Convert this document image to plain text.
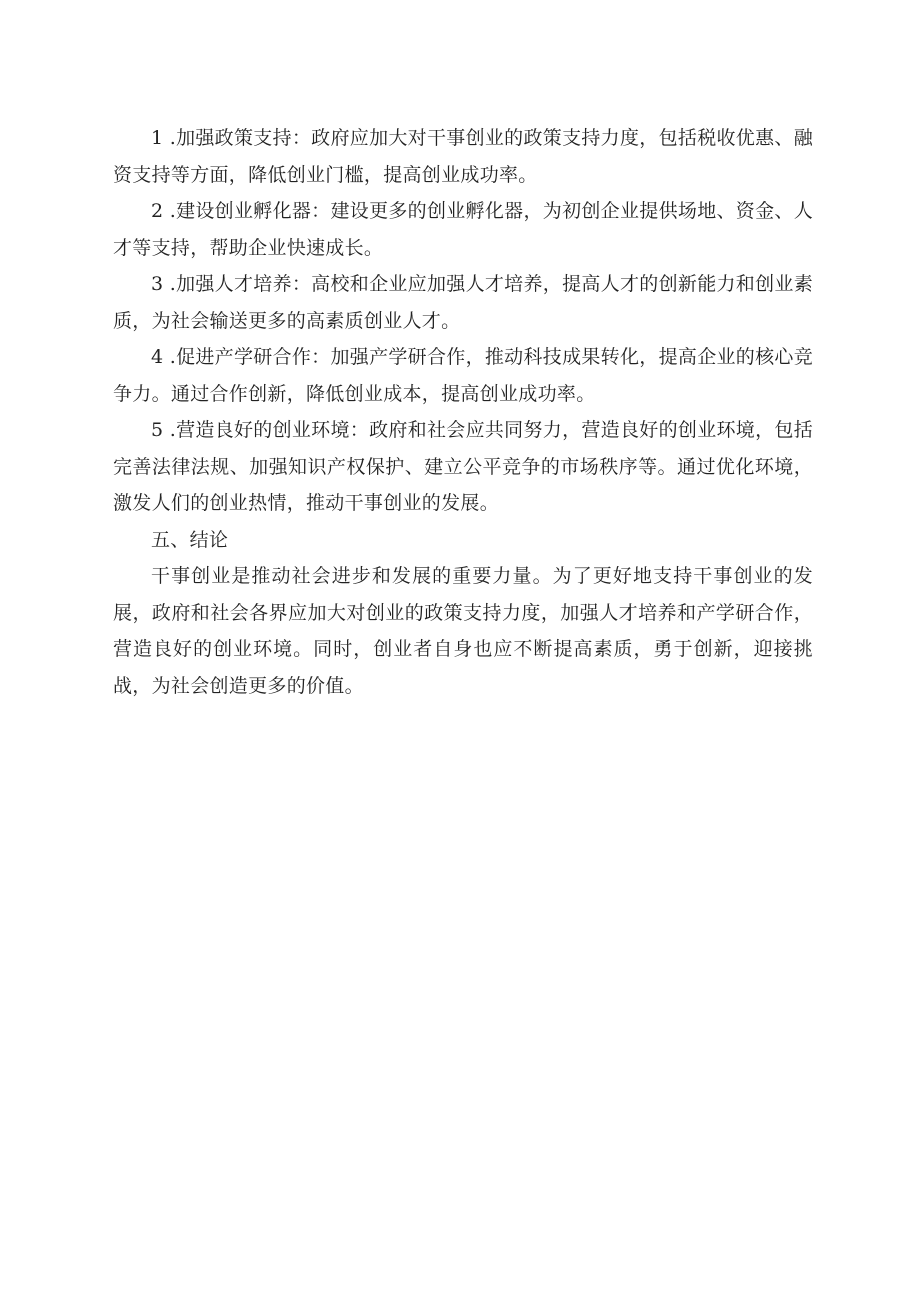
1 .加强政策支持：政府应加大对干事创业的政策支持力度，包括税收优惠、融资支持等方面，降低创业门槛，提高创业成功率。

2 .建设创业孵化器：建设更多的创业孵化器，为初创企业提供场地、资金、人才等支持，帮助企业快速成长。

3 .加强人才培养：高校和企业应加强人才培养，提高人才的创新能力和创业素质，为社会输送更多的高素质创业人才。

4 .促进产学研合作：加强产学研合作，推动科技成果转化，提高企业的核心竞争力。通过合作创新，降低创业成本，提高创业成功率。

5 .营造良好的创业环境：政府和社会应共同努力，营造良好的创业环境，包括完善法律法规、加强知识产权保护、建立公平竞争的市场秩序等。通过优化环境，激发人们的创业热情，推动干事创业的发展。

五、结论

干事创业是推动社会进步和发展的重要力量。为了更好地支持干事创业的发展，政府和社会各界应加大对创业的政策支持力度，加强人才培养和产学研合作，营造良好的创业环境。同时，创业者自身也应不断提高素质，勇于创新，迎接挑战，为社会创造更多的价值。
